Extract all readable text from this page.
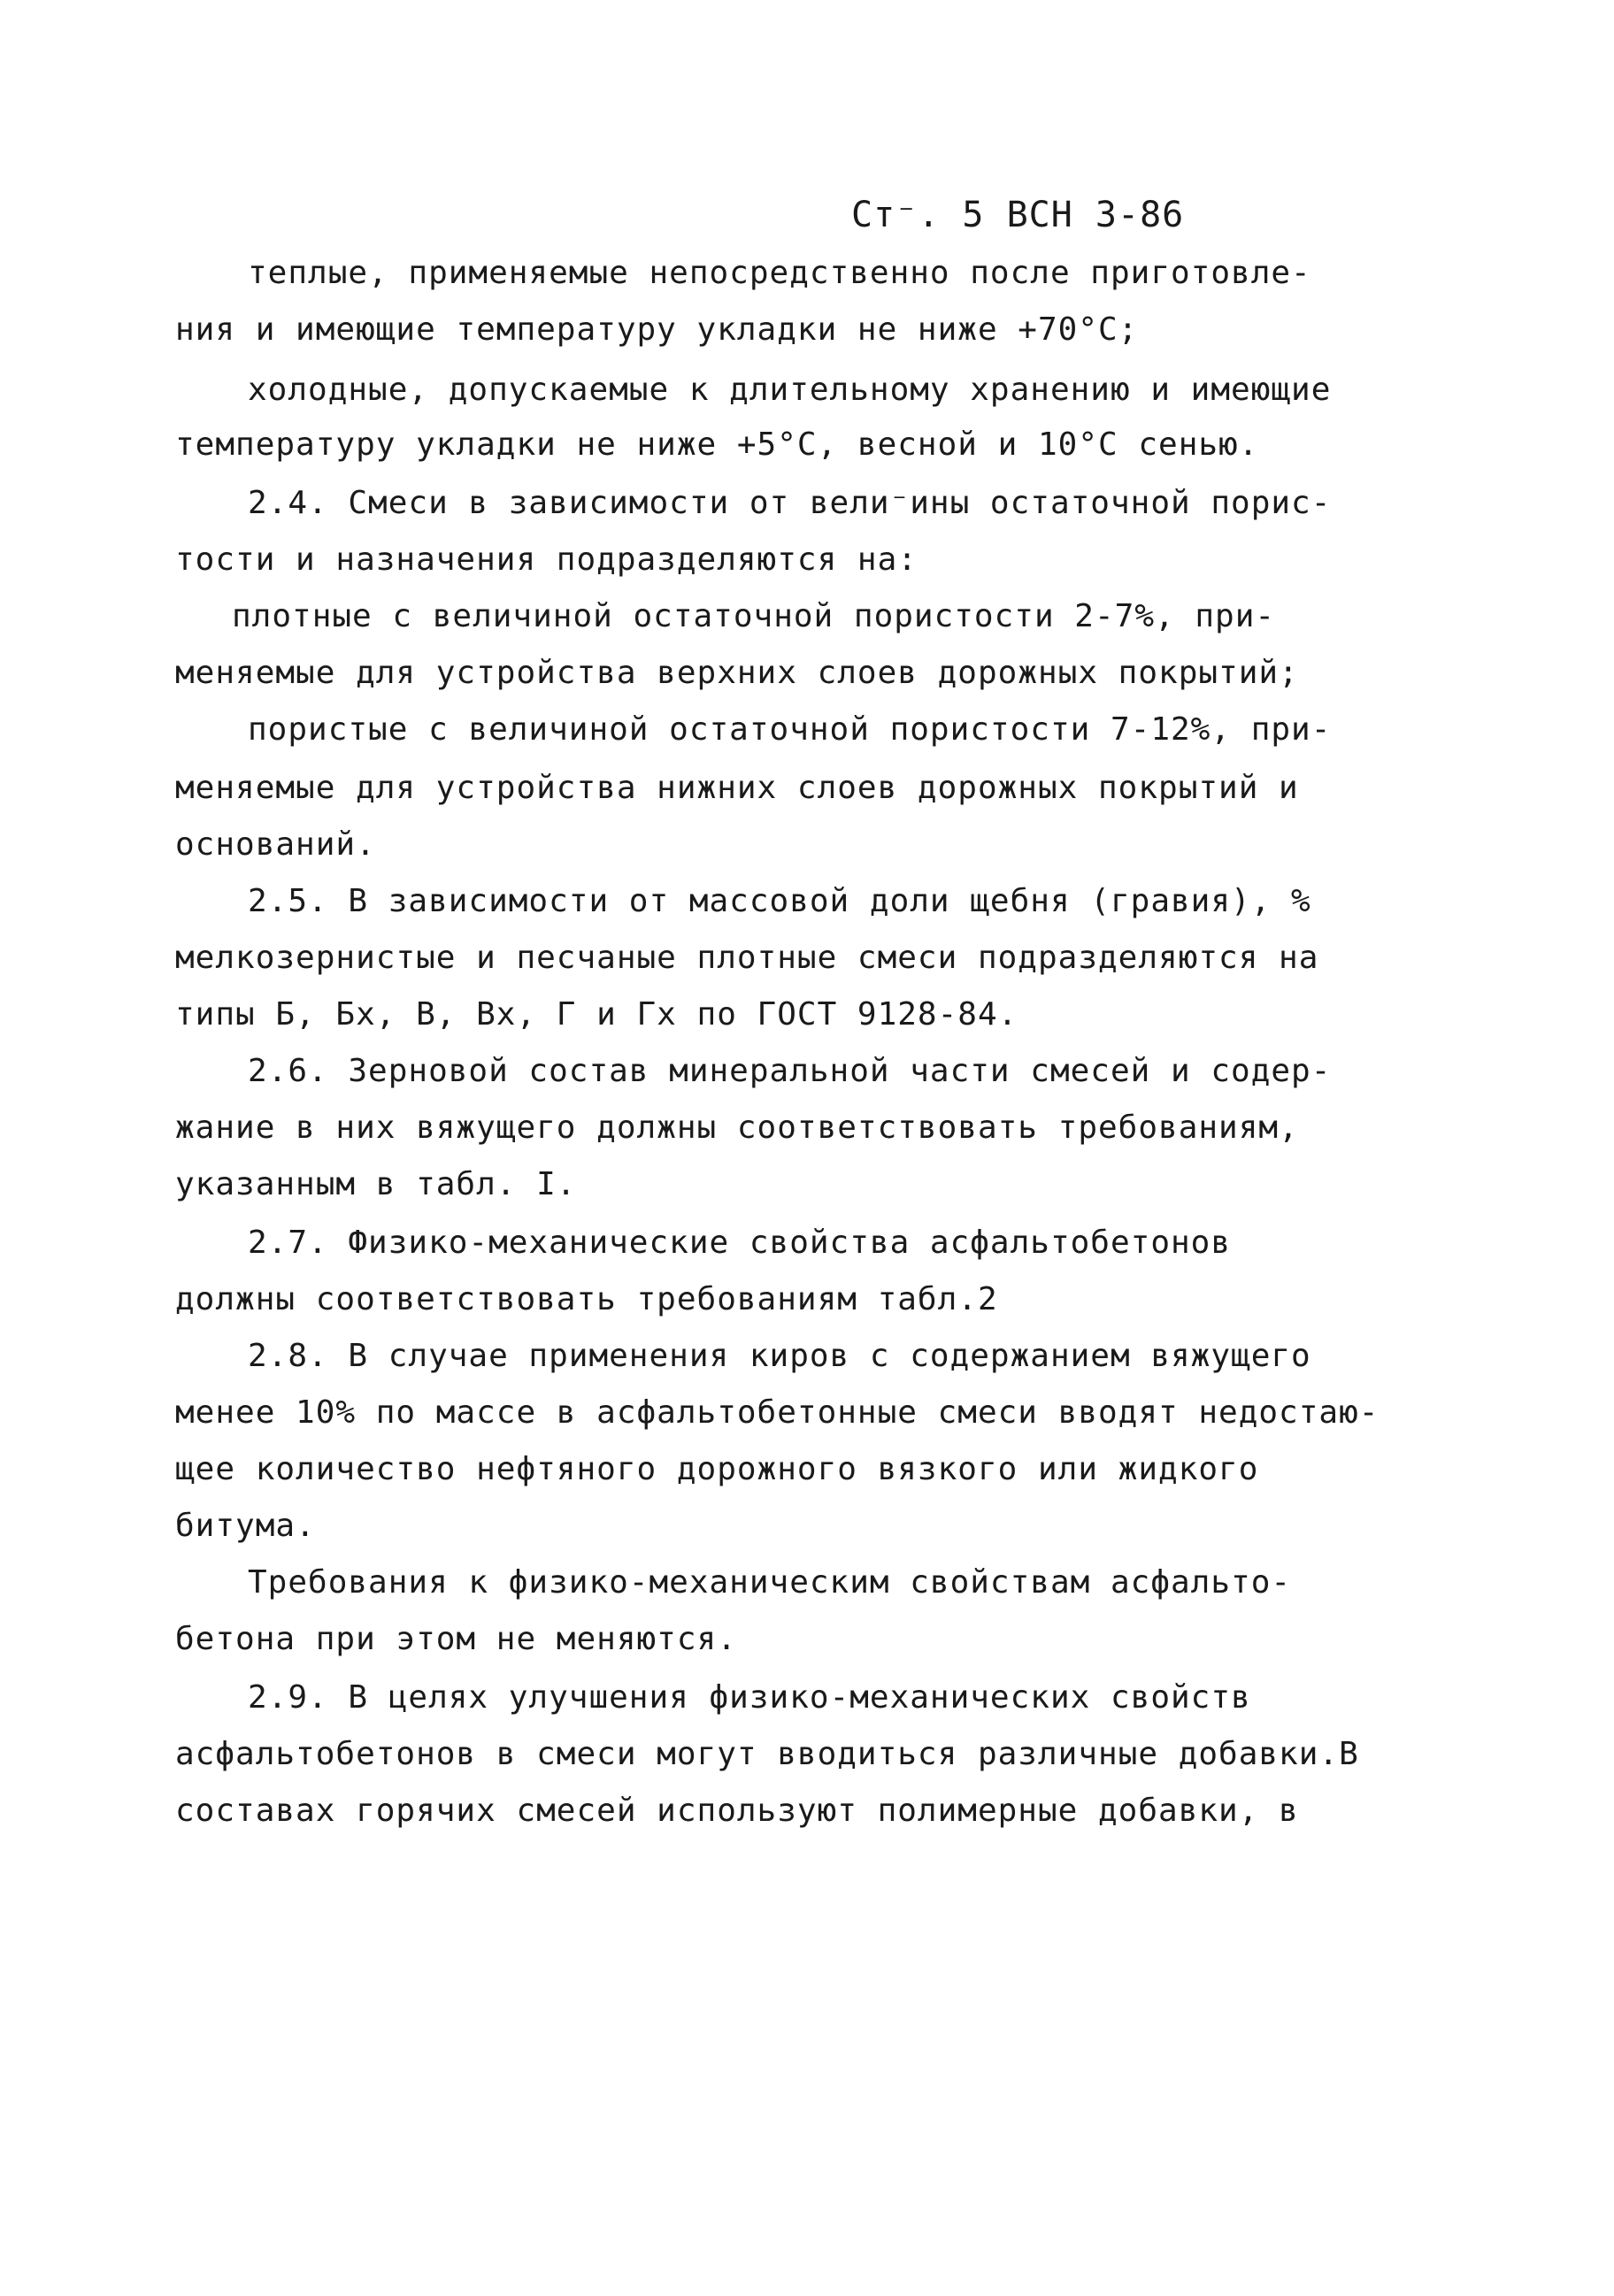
Ст⁻. 5 ВСН 3-86
теплые, применяемые непосредственно после приготовле-
ния и имеющие температуру укладки не ниже +70°С;
холодные, допускаемые к длительному хранению и имеющие
температуру укладки не ниже +5°С, весной и 10°С сенью.
2.4. Смеси в зависимости от вели⁻ины остаточной порис-
тости и назначения подразделяются на:
плотные с величиной остаточной пористости 2-7%, при-
меняемые для устройства верхних слоев дорожных покрытий;
пористые с величиной остаточной пористости 7-12%, при-
меняемые для устройства нижних слоев дорожных покрытий и
оснований.
2.5. В зависимости от массовой доли щебня (гравия), %
мелкозернистые и песчаные плотные смеси подразделяются на
типы Б, Бх, В, Вх, Г и Гх по ГОСТ 9128-84.
2.6. Зерновой состав минеральной части смесей и содер-
жание в них вяжущего должны соответствовать требованиям,
указанным в табл. I.
2.7. Физико-механические свойства асфальтобетонов
должны соответствовать требованиям табл.2
2.8. В случае применения киров с содержанием вяжущего
менее 10% по массе в асфальтобетонные смеси вводят недостаю-
щее количество нефтяного дорожного вязкого или жидкого
битума.
Требования к физико-механическим свойствам асфальто-
бетона при этом не меняются.
2.9. В целях улучшения физико-механических свойств
асфальтобетонов в смеси могут вводиться различные добавки.В
составах горячих смесей используют полимерные добавки, в
